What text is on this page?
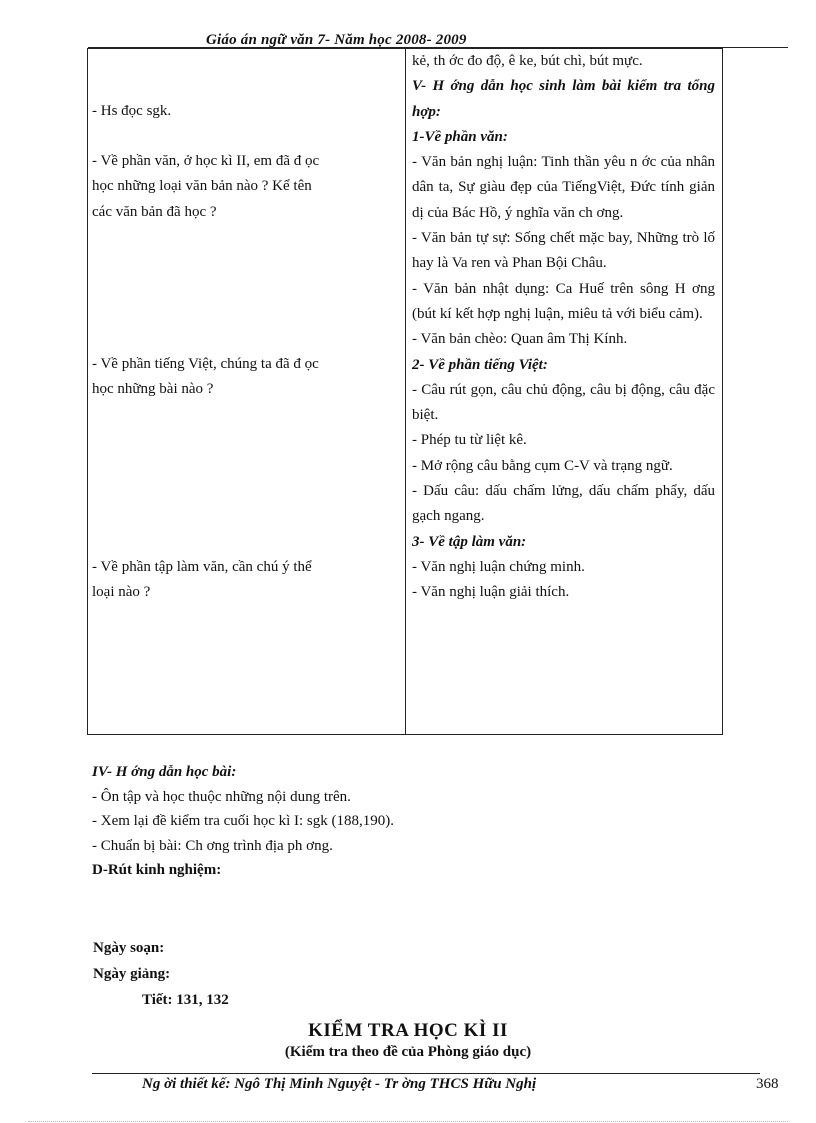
Giáo án ngữ văn 7- Năm học 2008- 2009

- Hs đọc sgk.

- Về phần văn, ở học kì II, em đã đ ọc

học những loại văn bản nào ? Kể tên

các văn bản đã học ?

- Về phần tiếng Việt, chúng ta đã đ ọc

học những bài nào ?

- Về phần tập làm văn, cần chú ý thể

loại nào ?

kẻ, th ớc đo độ, ê ke, bút chì, bút mực.

V- H ớng dẫn học sinh làm bài kiểm tra tổng hợp:

1-Về phần văn:

- Văn bản nghị luận: Tinh thần yêu n ớc của nhân dân ta, Sự giàu đẹp của TiếngViệt, Đức tính giản dị của Bác Hồ, ý nghĩa văn ch ơng.

- Văn bản tự sự: Sống chết mặc bay, Những trò lố hay là Va ren và Phan Bội Châu.

- Văn bản nhật dụng: Ca Huế trên sông H ơng (bút kí kết hợp nghị luận, miêu tả với biểu cảm).

- Văn bản chèo: Quan âm Thị Kính.

2- Về phần tiếng Việt:

- Câu rút gọn, câu chủ động, câu bị động, câu đặc biệt.

- Phép tu từ liệt kê.

- Mở rộng câu bằng cụm C-V và trạng ngữ.

- Dấu câu: dấu chấm lửng, dấu chấm phẩy, dấu gạch ngang.

3- Về tập làm văn:

- Văn nghị luận chứng minh.

- Văn nghị luận giải thích.

IV- H ớng dẫn học bài:

- Ôn tập và học thuộc những nội dung trên.

- Xem lại đề kiểm tra cuối học kì I: sgk (188,190).

- Chuẩn bị bài: Ch ơng trình địa ph ơng.

D-Rút kinh nghiệm:

Ngày soạn:
Ngày giảng:
Tiết: 131, 132
KIỂM TRA HỌC KÌ II
(Kiểm tra theo đề của Phòng giáo dục)
Ng ời thiết kế: Ngô Thị Minh Nguyệt - Tr ờng THCS Hữu Nghị	368
